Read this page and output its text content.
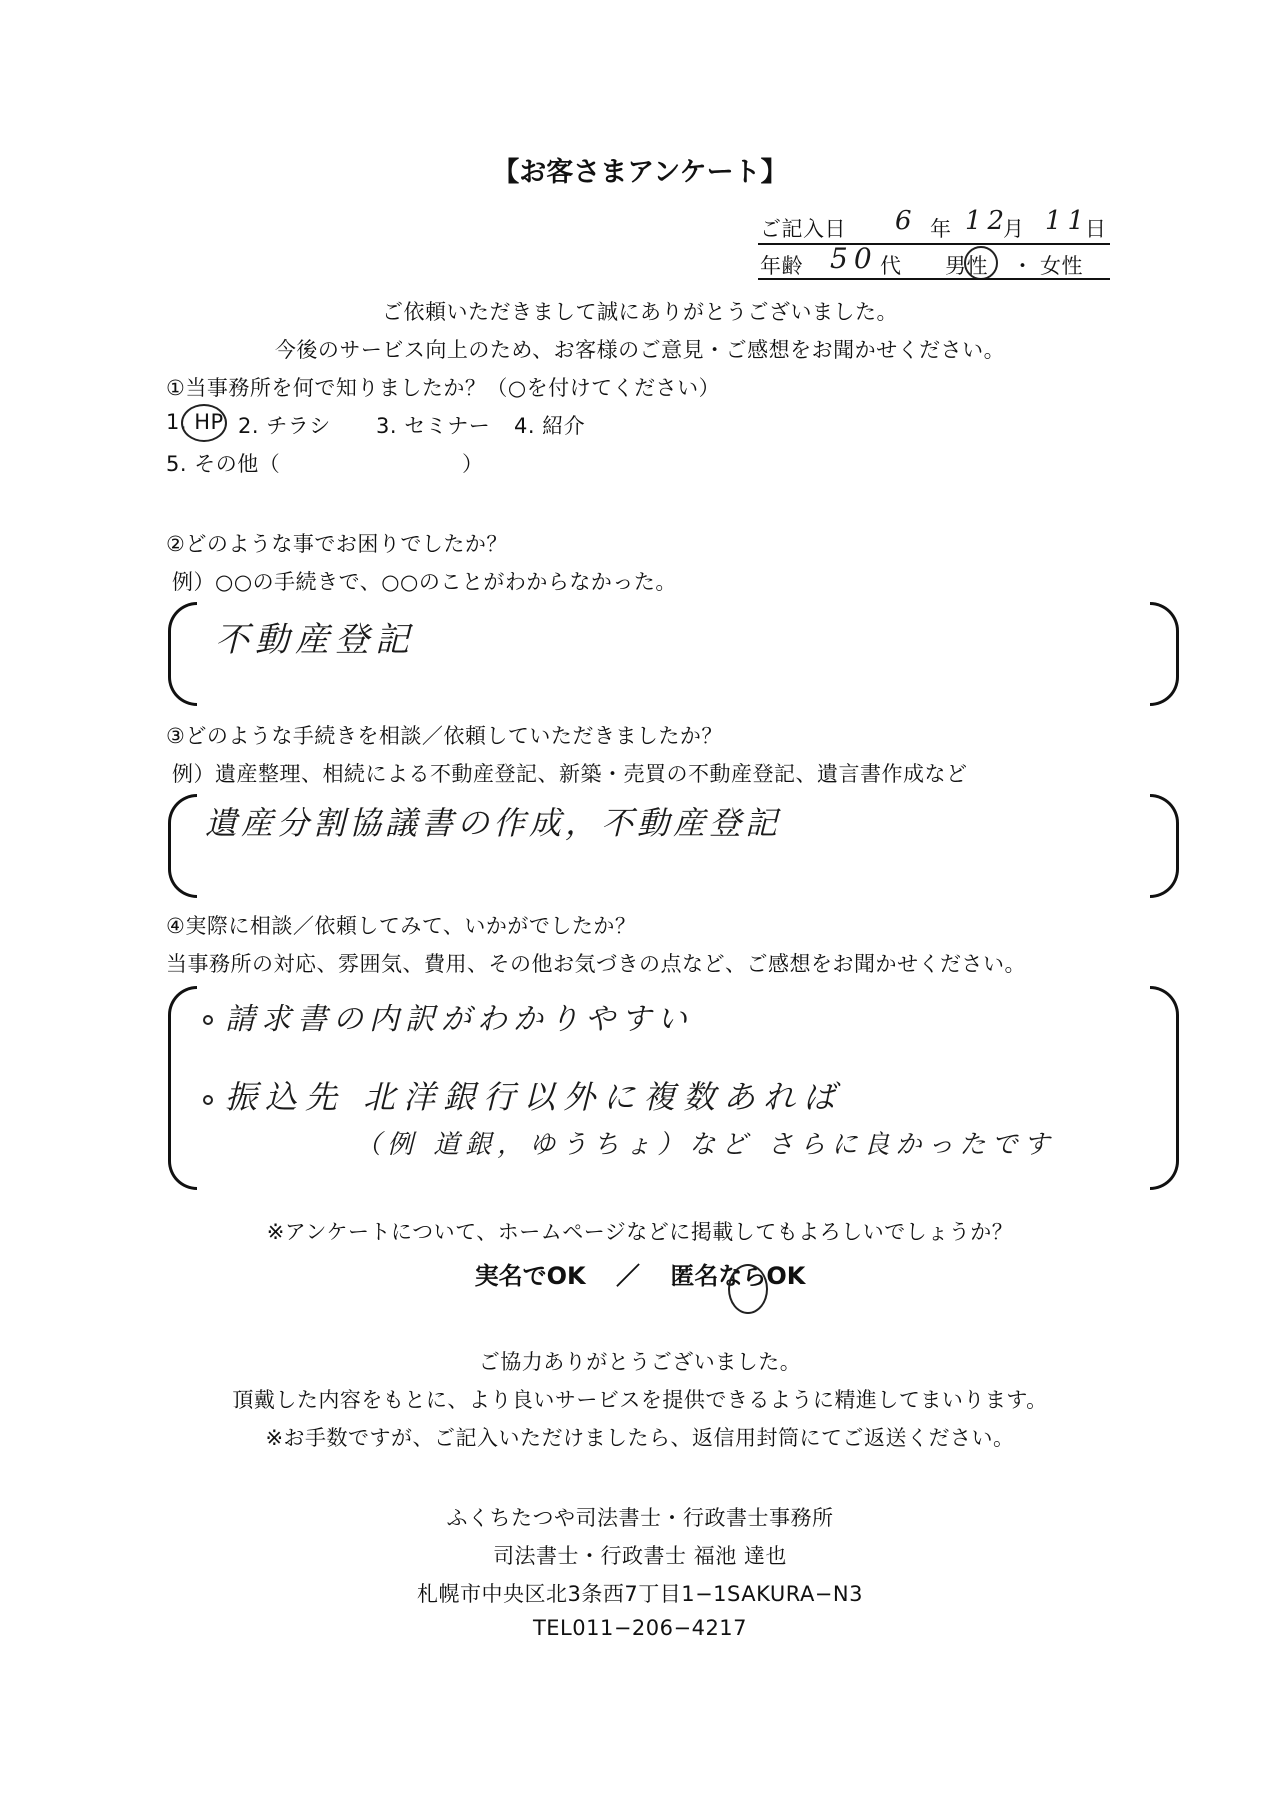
【お客さまアンケート】
ご記入日 6 年 12
月 11
日
年齢 50 代 男性 ・ 女性
ご依頼いただきまして誠にありがとうございました。
今後のサービス向上のため、お客様のご意見・ご感想をお聞かせください。
①当事務所を何で知りましたか？（○を付けてください）
1. HP 2. チラシ 3. セミナー 4. 紹介
5. その他（	）
②どのような事でお困りでしたか？
例）○○の手続きで、○○のことがわからなかった。
不動産登記
③どのような手続きを相談／依頼していただきましたか？
例）遺産整理、相続による不動産登記、新築・売買の不動産登記、遺言書作成など
遺産分割協議書の作成，不動産登記
④実際に相談／依頼してみて、いかがでしたか？
当事務所の対応、雰囲気、費用、その他お気づきの点など、ご感想をお聞かせください。
請求書の内訳がわかりやすい
振込先 北洋銀行以外に複数あれば
（例 道銀，ゆうちょ）など さらに良かったです
※アンケートについて、ホームページなどに掲載してもよろしいでしょうか？
実名でOK ／ 匿名ならOK
ご協力ありがとうございました。
頂戴した内容をもとに、より良いサービスを提供できるように精進してまいります。
※お手数ですが、ご記入いただけましたら、返信用封筒にてご返送ください。
ふくちたつや司法書士・行政書士事務所
司法書士・行政書士 福池 達也
札幌市中央区北3条西7丁目1−1SAKURA−N3
TEL011−206−4217
